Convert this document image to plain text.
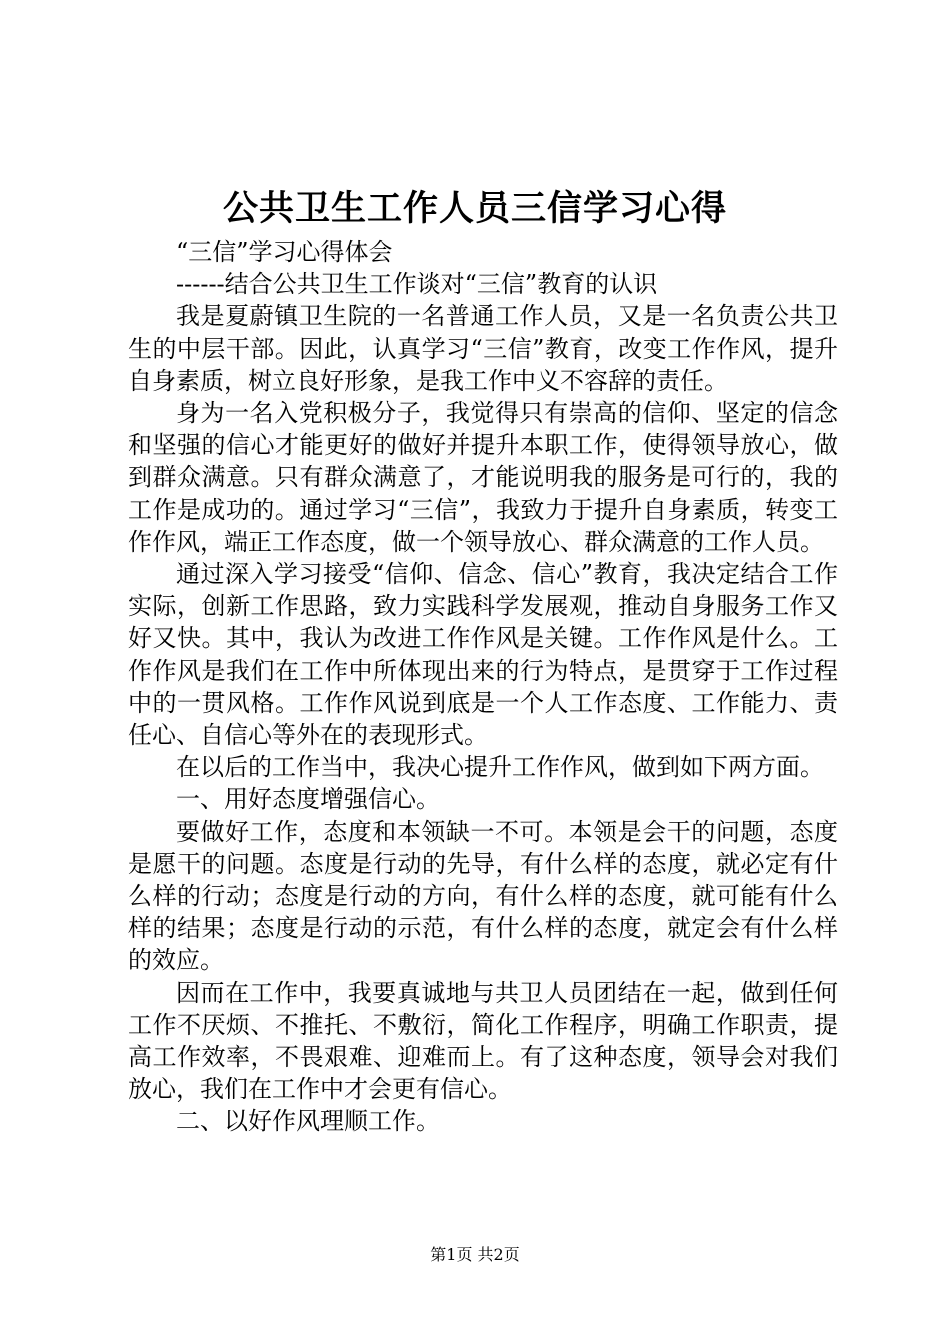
公共卫生工作人员三信学习心得

“三信”学习心得体会

------结合公共卫生工作谈对“三信”教育的认识

我是夏蔚镇卫生院的一名普通工作人员，又是一名负责公共卫生的中层干部。因此，认真学习“三信”教育，改变工作作风，提升自身素质，树立良好形象，是我工作中义不容辞的责任。

身为一名入党积极分子，我觉得只有崇高的信仰、坚定的信念和坚强的信心才能更好的做好并提升本职工作，使得领导放心，做到群众满意。只有群众满意了，才能说明我的服务是可行的，我的工作是成功的。通过学习“三信”，我致力于提升自身素质，转变工作作风，端正工作态度，做一个领导放心、群众满意的工作人员。

通过深入学习接受“信仰、信念、信心”教育，我决定结合工作实际，创新工作思路，致力实践科学发展观，推动自身服务工作又好又快。其中，我认为改进工作作风是关键。工作作风是什么。工作作风是我们在工作中所体现出来的行为特点，是贯穿于工作过程中的一贯风格。工作作风说到底是一个人工作态度、工作能力、责任心、自信心等外在的表现形式。

在以后的工作当中，我决心提升工作作风，做到如下两方面。

一、用好态度增强信心。

要做好工作，态度和本领缺一不可。本领是会干的问题，态度是愿干的问题。态度是行动的先导，有什么样的态度，就必定有什么样的行动；态度是行动的方向，有什么样的态度，就可能有什么样的结果；态度是行动的示范，有什么样的态度，就定会有什么样的效应。

因而在工作中，我要真诚地与共卫人员团结在一起，做到任何工作不厌烦、不推托、不敷衍，简化工作程序，明确工作职责，提高工作效率，不畏艰难、迎难而上。有了这种态度，领导会对我们放心，我们在工作中才会更有信心。

二、以好作风理顺工作。

第1页 共2页
